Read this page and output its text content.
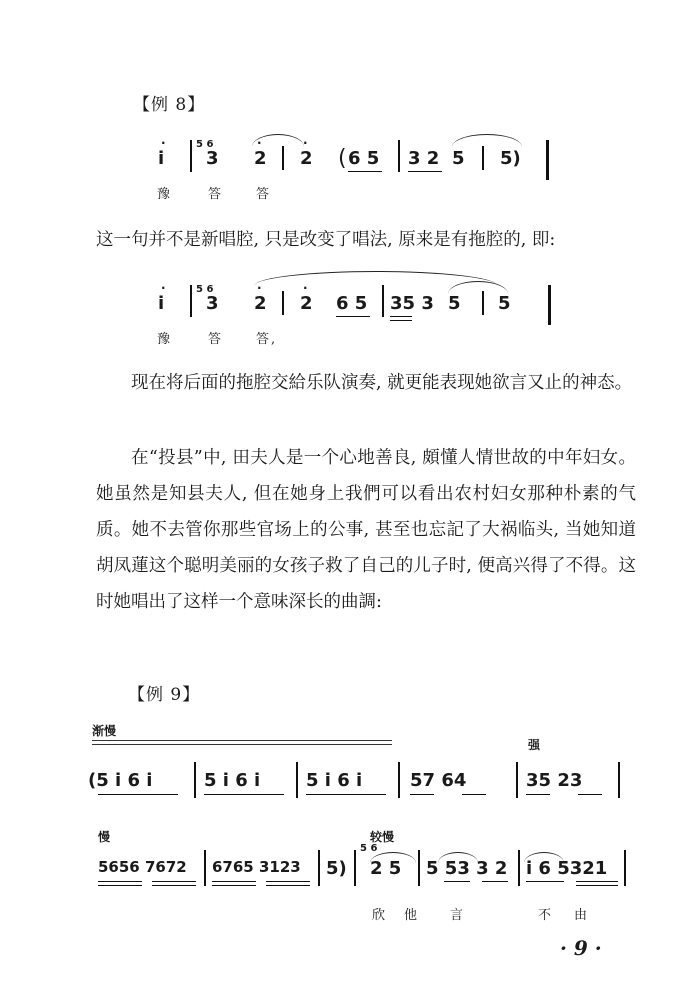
【例 8】
i
·	5 6
3 2
·
2
·
( 6 5 3 2 5 5)
豫	答	答
这一句并不是新唱腔, 只是改变了唱法, 原来是有拖腔的, 即:
i
·	5 6
3 2
·
2
·
6 5 35 3 5 5
豫	答	答,
现在将后面的拖腔交給乐队演奏, 就更能表现她欲言又止的神态。
在“投县”中, 田夫人是一个心地善良, 頗懂人情世故的中年妇女。她虽然是知县夫人, 但在她身上我們可以看出农村妇女那种朴素的气质。她不去管你那些官场上的公事, 甚至也忘記了大祸临头, 当她知道胡凤蓮这个聪明美丽的女孩子救了自己的儿子时, 便高兴得了不得。这时她唱出了这样一个意味深长的曲調:
【例 9】
渐慢
强
(5 i 6 i	5 i 6 i	5 i 6 i	57 64	35 23
慢	较慢
5656 7672 6765 3123 5)
5 6
2 5 5 53 3 2 i 6 5321
欣 他 言	不 由
· 9 ·
